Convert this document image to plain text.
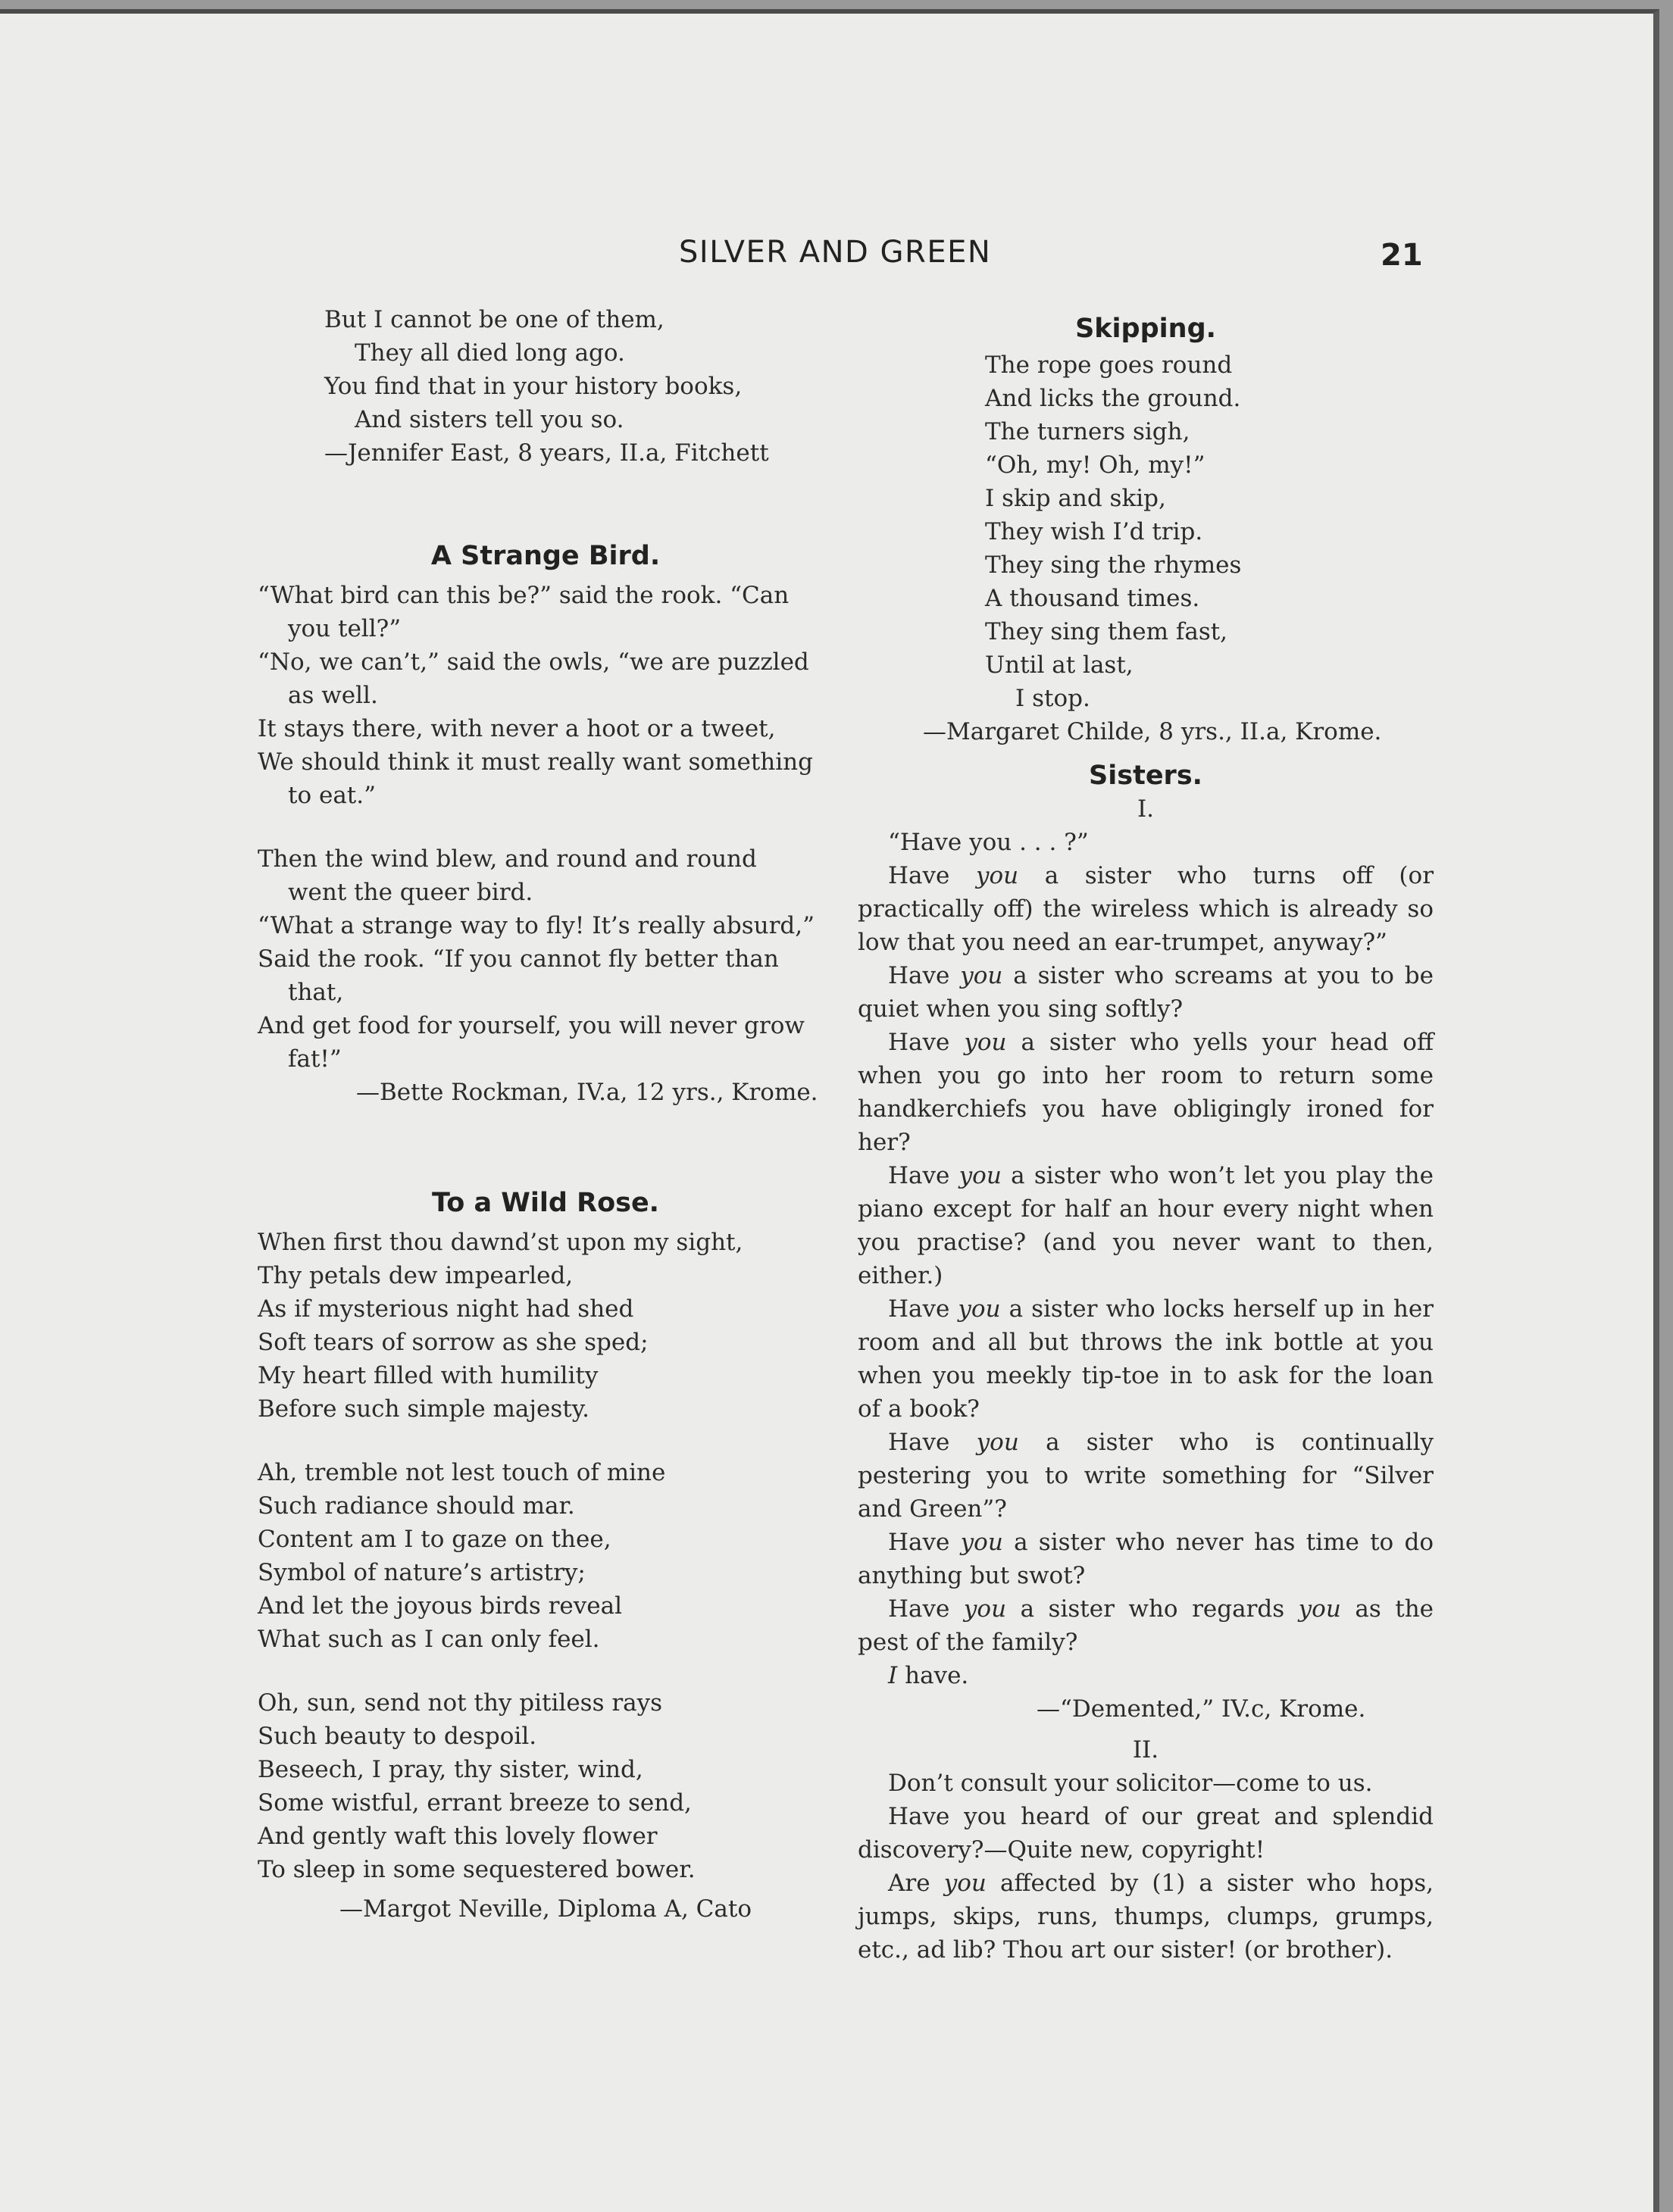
SILVER AND GREEN	21
But I cannot be one of them,
They all died long ago.
You find that in your history books,
And sisters tell you so.
—Jennifer East, 8 years, II.a, Fitchett
A Strange Bird.
“What bird can this be?” said the rook. “Can
you tell?”
“No, we can’t,” said the owls, “we are puzzled
as well.
It stays there, with never a hoot or a tweet,
We should think it must really want something
to eat.”
Then the wind blew, and round and round
went the queer bird.
“What a strange way to fly! It’s really absurd,”
Said the rook. “If you cannot fly better than
that,
And get food for yourself, you will never grow
fat!”
—Bette Rockman, IV.a, 12 yrs., Krome.
To a Wild Rose.
When first thou dawnd’st upon my sight,
Thy petals dew impearled,
As if mysterious night had shed
Soft tears of sorrow as she sped;
My heart filled with humility
Before such simple majesty.
Ah, tremble not lest touch of mine
Such radiance should mar.
Content am I to gaze on thee,
Symbol of nature’s artistry;
And let the joyous birds reveal
What such as I can only feel.
Oh, sun, send not thy pitiless rays
Such beauty to despoil.
Beseech, I pray, thy sister, wind,
Some wistful, errant breeze to send,
And gently waft this lovely flower
To sleep in some sequestered bower.
—Margot Neville, Diploma A, Cato
Skipping.
The rope goes round
And licks the ground.
The turners sigh,
“Oh, my! Oh, my!”
I skip and skip,
They wish I’d trip.
They sing the rhymes
A thousand times.
They sing them fast,
Until at last,
I stop.
—Margaret Childe, 8 yrs., II.a, Krome.
Sisters.
I.
“Have you . . . ?”

Have you a sister who turns off (or practically off) the wireless which is already so low that you need an ear-trumpet, anyway?”

Have you a sister who screams at you to be quiet when you sing softly?

Have you a sister who yells your head off when you go into her room to return some handkerchiefs you have obligingly ironed for her?

Have you a sister who won’t let you play the piano except for half an hour every night when you practise? (and you never want to then, either.)

Have you a sister who locks herself up in her room and all but throws the ink bottle at you when you meekly tip-toe in to ask for the loan of a book?

Have you a sister who is continually pestering you to write something for “Silver and Green”?

Have you a sister who never has time to do anything but swot?

Have you a sister who regards you as the pest of the family?

I have.

—“Demented,” IV.c, Krome.
II.

Don’t consult your solicitor—come to us.

Have you heard of our great and splendid discovery?—Quite new, copyright!

Are you affected by (1) a sister who hops, jumps, skips, runs, thumps, clumps, grumps, etc., ad lib? Thou art our sister! (or brother).
